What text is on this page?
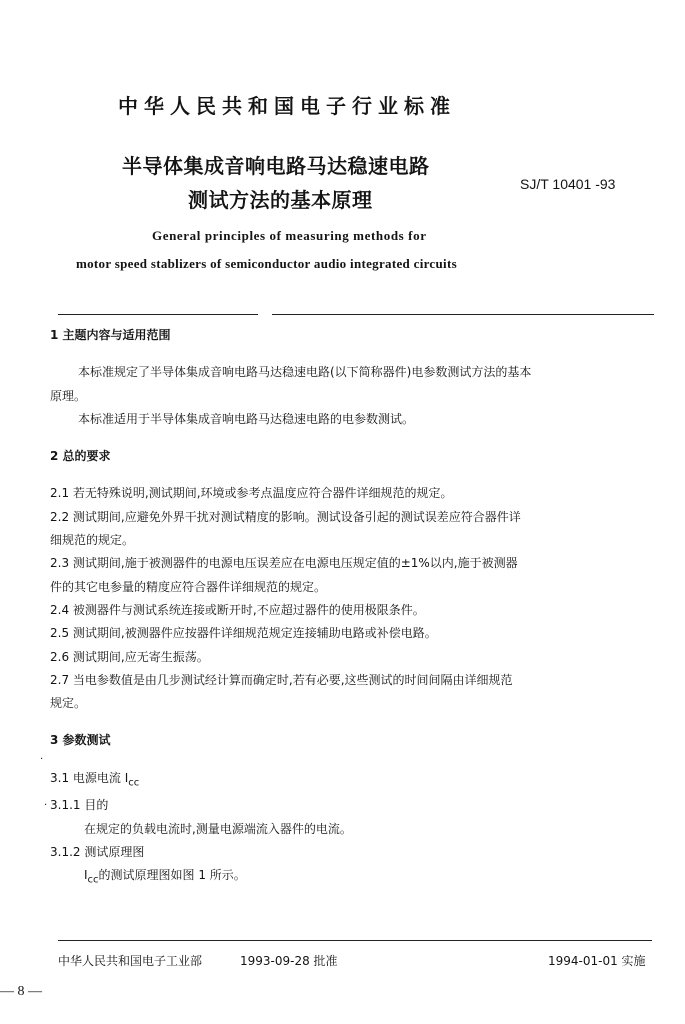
中华人民共和国电子行业标准
半导体集成音响电路马达稳速电路
测试方法的基本原理
SJ/T 10401 -93
General principles of measuring methods for
motor speed stablizers of semiconductor audio integrated circuits

1 主题内容与适用范围

本标准规定了半导体集成音响电路马达稳速电路(以下简称器件)电参数测试方法的基本

原理。

本标准适用于半导体集成音响电路马达稳速电路的电参数测试。

2 总的要求

2.1 若无特殊说明,测试期间,环境或参考点温度应符合器件详细规范的规定。

2.2 测试期间,应避免外界干扰对测试精度的影响。测试设备引起的测试误差应符合器件详

细规范的规定。

2.3 测试期间,施于被测器件的电源电压误差应在电源电压规定值的±1%以内,施于被测器

件的其它电参量的精度应符合器件详细规范的规定。

2.4 被测器件与测试系统连接或断开时,不应超过器件的使用极限条件。

2.5 测试期间,被测器件应按器件详细规范规定连接辅助电路或补偿电路。

2.6 测试期间,应无寄生振荡。

2.7 当电参数值是由几步测试经计算而确定时,若有必要,这些测试的时间间隔由详细规范

规定。

3 参数测试

3.1 电源电流 $I_{cc}$

3.1.1 目的

在规定的负载电流时,测量电源端流入器件的电流。

3.1.2 测试原理图

$I_{cc}$的测试原理图如图 1 所示。

·
·
中华人民共和国电子工业部	1993-09-28 批准	1994-01-01 实施
— 8 —
